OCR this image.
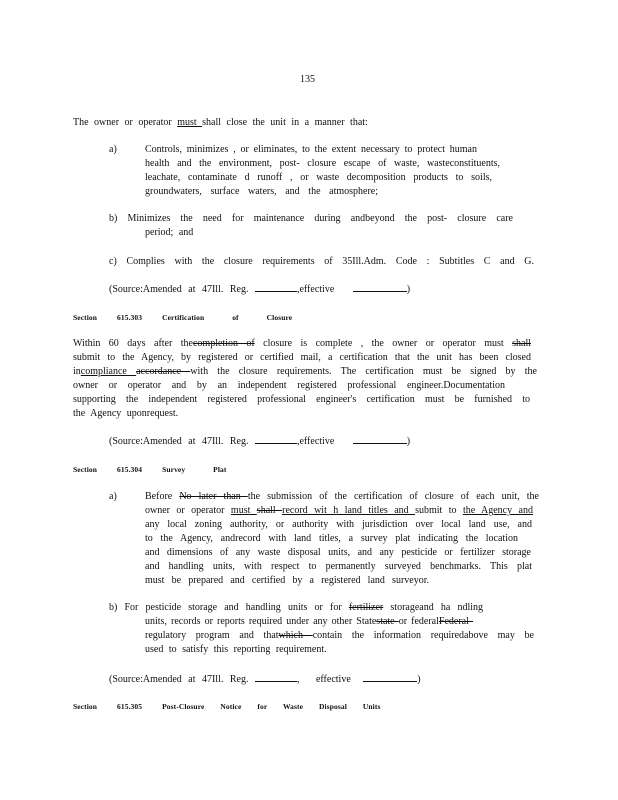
135
The owner or operator must shall close the unit in a manner that:
a)	Controls, minimizes , or eliminates, to the extent necessary to protect human
health and the environment, post- closure escape of waste, wasteconstituents,
leachate, contaminate d runoff , or waste decomposition products to soils,
groundwaters, surface waters, and the atmosphere;
b) Minimizes the need for maintenance during andbeyond the post- closure care
period; and
c) Complies with the closure requirements of 35Ill.Adm. Code : Subtitles C and G.
(Source:Amended at 47Ill. Reg.	,effective	)
Section	615.303	Certification of Closure
Within 60 days after thecompletion of closure is complete , the owner or operator must shall
submit to the Agency, by registered or certified mail, a certification that the unit has been closed
incompliance accordance with the closure requirements. The certification must be signed by the
owner or operator and by an independent registered professional engineer.Documentation
supporting the independent registered professional engineer's certification must be furnished to
the Agency uponrequest.
(Source:Amended at 47Ill. Reg.	,effective	)
Section	615.304	Survey Plat
a)	Before No later than the submission of the certification of closure of each unit, the
owner or operator must shall record wit h land titles and submit to the Agency and
any local zoning authority, or authority with jurisdiction over local land use, and
to the Agency, andrecord with land titles, a survey plat indicating the location
and dimensions of any waste disposal units, and any pesticide or fertilizer storage
and handling units, with respect to permanently surveyed benchmarks. This plat
must be prepared and certified by a registered land surveyor.
b) For pesticide storage and handling units or for fertilizer storageand ha ndling
units, records or reports required under any other Statestate or federalFederal
regulatory program and thatwhich contain the information requiredabove may be
used to satisfy this reporting requirement.
(Source:Amended at 47Ill. Reg.	, effective	)
Section	615.305	Post-Closure Notice for Waste Disposal Units
